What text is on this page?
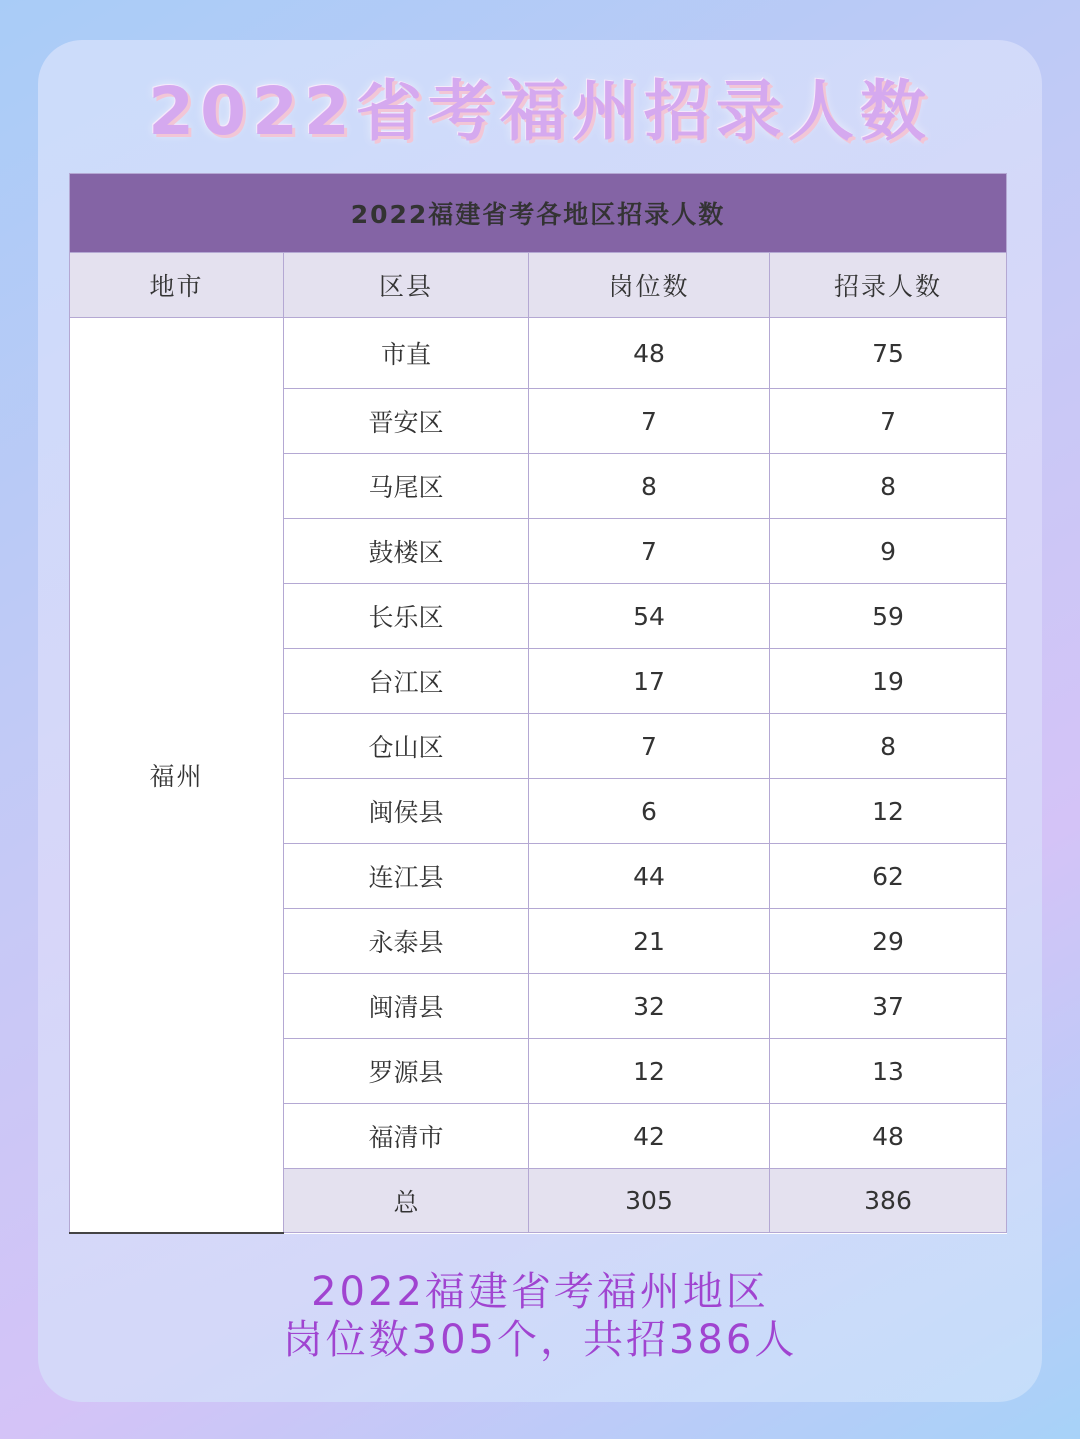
2022省考福州招录人数
2022福建省考各地区招录人数			
地市	区县	岗位数	招录人数
福州	市直	48	75
	晋安区	7	7
	马尾区	8	8
	鼓楼区	7	9
	长乐区	54	59
	台江区	17	19
	仓山区	7	8
	闽侯县	6	12
	连江县	44	62
	永泰县	21	29
	闽清县	32	37
	罗源县	12	13
	福清市	42	48
	总	305	386
2022福建省考福州地区
岗位数305个，共招386人
